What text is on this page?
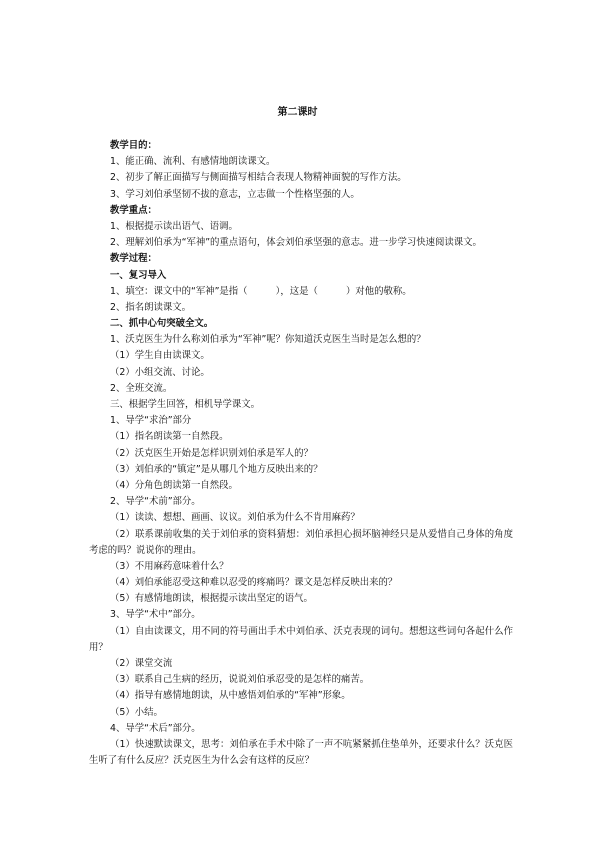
第二课时
教学目的：
1、能正确、流利、有感情地朗读课文。
2、初步了解正面描写与侧面描写相结合表现人物精神面貌的写作方法。
3、学习刘伯承坚韧不拔的意志，立志做一个性格坚强的人。
教学重点：
1、根据提示读出语气、语调。
2、理解刘伯承为“军神”的重点语句，体会刘伯承坚强的意志。进一步学习快速阅读课文。
教学过程：
一、复习导入
1、填空：课文中的“军神”是指（　　　），这是（　　　）对他的敬称。
2、指名朗读课文。
二、抓中心句突破全文。
1、沃克医生为什么称刘伯承为“军神”呢？你知道沃克医生当时是怎么想的？
（1）学生自由读课文。
（2）小组交流、讨论。
2、全班交流。
三、根据学生回答，相机导学课文。
1、导学“求治”部分
（1）指名朗读第一自然段。
（2）沃克医生开始是怎样识别刘伯承是军人的？
（3）刘伯承的“镇定”是从哪几个地方反映出来的？
（4）分角色朗读第一自然段。
2、导学“术前”部分。
（1）读读、想想、画画、议议。刘伯承为什么不肯用麻药？
（2）联系课前收集的关于刘伯承的资料猜想：刘伯承担心损坏脑神经只是从爱惜自己身体的角度考虑的吗？说说你的理由。
（3）不用麻药意味着什么？
（4）刘伯承能忍受这种难以忍受的疼痛吗？课文是怎样反映出来的？
（5）有感情地朗读，根据提示读出坚定的语气。
3、导学“术中”部分。
（1）自由读课文，用不同的符号画出手术中刘伯承、沃克表现的词句。想想这些词句各起什么作用？
（2）课堂交流
（3）联系自己生病的经历，说说刘伯承忍受的是怎样的痛苦。
（4）指导有感情地朗读，从中感悟刘伯承的“军神”形象。
（5）小结。
4、导学“术后”部分。
（1）快速默读课文，思考：刘伯承在手术中除了一声不吭紧紧抓住垫单外，还要求什么？沃克医生听了有什么反应？沃克医生为什么会有这样的反应？
